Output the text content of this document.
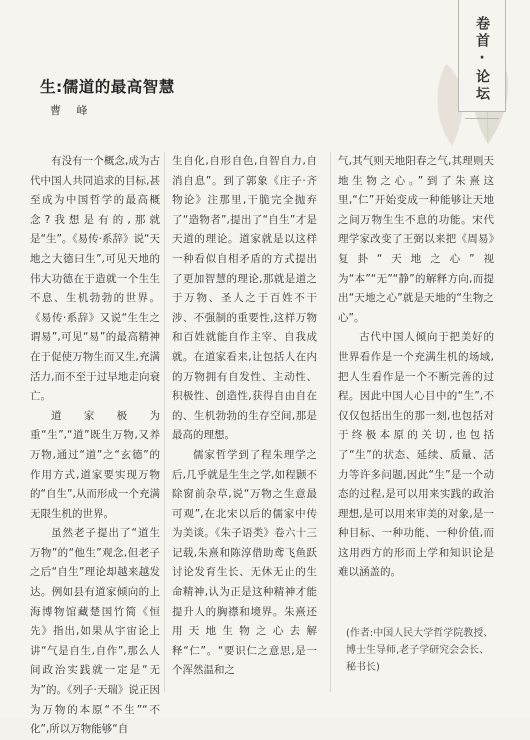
卷首·论坛
生:儒道的最高智慧
曹 峰

有没有一个概念,成为古代中国人共同追求的目标,甚至成为中国哲学的最高概念?我想是有的,那就是“生”。《易传·系辞》说“天地之大德曰生”,可见天地的伟大功德在于造就一个生生不息、生机勃勃的世界。《易传·系辞》又说“生生之谓易”,可见“易”的最高精神在于促使万物生而又生,充满活力,而不至于过早地走向衰亡。

道家极为重“生”,“道”既生万物,又养万物,通过“道”之“玄德”的作用方式,道家要实现万物的“自生”,从而形成一个充满无限生机的世界。

虽然老子提出了“道生万物”的“他生”观念,但老子之后“自生”理论却越来越发达。例如县有道家倾向的上海博物馆藏楚国竹简《恒先》指出,如果从宇宙论上讲“气是自生,自作”,那么人间政治实践就一定是“无为”的。《列子·天瑞》说正因为万物的本原“不生”“不化”,所以万物能够“自

生自化,自形自色,自智自力,自消自息”。到了郭象《庄子·齐物论》注那里,干脆完全抛弃了“造物者”,提出了“自生”才是天道的理论。道家就是以这样一种看似自相矛盾的方式提出了更加智慧的理论,那就是道之于万物、圣人之于百姓不干涉、不强制的重要性,这样万物和百姓就能自作主宰、自我成就。在道家看来,让包括人在内的万物拥有自发性、主动性、积极性、创造性,获得自由自在的、生机勃勃的生存空间,那是最高的理想。

儒家哲学到了程朱理学之后,几乎就是生生之学,如程颢不除窗前杂草,说“万物之生意最可观”,在北宋以后的儒家中传为美谈。《朱子语类》卷六十三记载,朱熹和陈淳借助鸢飞鱼跃讨论发育生长、无休无止的生命精神,认为正是这种精神才能提升人的胸襟和境界。朱熹还用天地生物之心去解释“仁”。“要识仁之意思,是一个浑然温和之

气,其气则天地阳春之气,其理则天地生物之心。”到了朱熹这里,“仁”开始变成一种能够让天地之间万物生生不息的功能。宋代理学家改变了王弼以来把《周易》复卦“天地之心”视为“本”“无”“静”的解释方向,而提出“天地之心”就是天地的“生物之心”。

古代中国人倾向于把美好的世界看作是一个充满生机的场域,把人生看作是一个不断完善的过程。因此中国人心目中的“生”,不仅仅包括出生的那一刻,也包括对于终极本原的关切,也包括了“生”的状态、延续、质量、活力等许多问题,因此“生”是一个动态的过程,是可以用来实践的政治理想,是可以用来审美的对象,是一种目标、一种功能、一种价值,而这用西方的形而上学和知识论是难以涵盖的。

(作者:中国人民大学哲学院教授、博士生导师,老子学研究会会长、秘书长)
